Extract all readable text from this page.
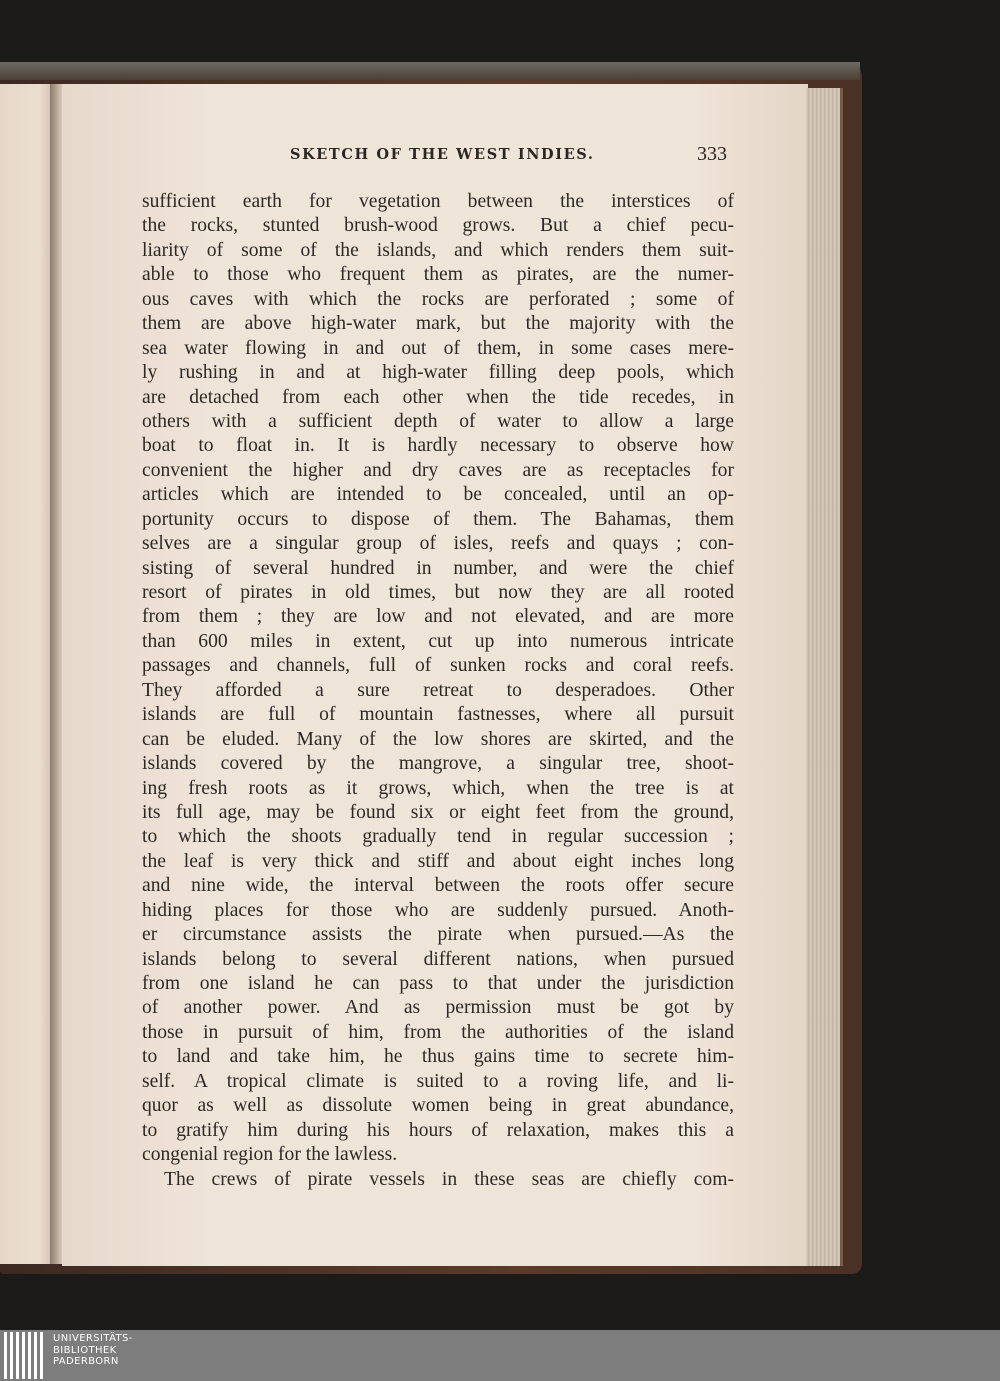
SKETCH OF THE WEST INDIES.	333
sufficient earth for vegetation between the interstices of
the rocks, stunted brush-wood grows. But a chief pecu-
liarity of some of the islands, and which renders them suit-
able to those who frequent them as pirates, are the numer-
ous caves with which the rocks are perforated ; some of
them are above high-water mark, but the majority with the
sea water flowing in and out of them, in some cases mere-
ly rushing in and at high-water filling deep pools, which
are detached from each other when the tide recedes, in
others with a sufficient depth of water to allow a large
boat to float in. It is hardly necessary to observe how
convenient the higher and dry caves are as receptacles for
articles which are intended to be concealed, until an op-
portunity occurs to dispose of them. The Bahamas, them
selves are a singular group of isles, reefs and quays ; con-
sisting of several hundred in number, and were the chief
resort of pirates in old times, but now they are all rooted
from them ; they are low and not elevated, and are more
than 600 miles in extent, cut up into numerous intricate
passages and channels, full of sunken rocks and coral reefs.
They afforded a sure retreat to desperadoes. Other
islands are full of mountain fastnesses, where all pursuit
can be eluded. Many of the low shores are skirted, and the
islands covered by the mangrove, a singular tree, shoot-
ing fresh roots as it grows, which, when the tree is at
its full age, may be found six or eight feet from the ground,
to which the shoots gradually tend in regular succession ;
the leaf is very thick and stiff and about eight inches long
and nine wide, the interval between the roots offer secure
hiding places for those who are suddenly pursued. Anoth-
er circumstance assists the pirate when pursued.—As the
islands belong to several different nations, when pursued
from one island he can pass to that under the jurisdiction
of another power. And as permission must be got by
those in pursuit of him, from the authorities of the island
to land and take him, he thus gains time to secrete him-
self. A tropical climate is suited to a roving life, and li-
quor as well as dissolute women being in great abundance,
to gratify him during his hours of relaxation, makes this a
congenial region for the lawless.
The crews of pirate vessels in these seas are chiefly com-
UNIVERSITÄTS-
BIBLIOTHEK
PADERBORN
